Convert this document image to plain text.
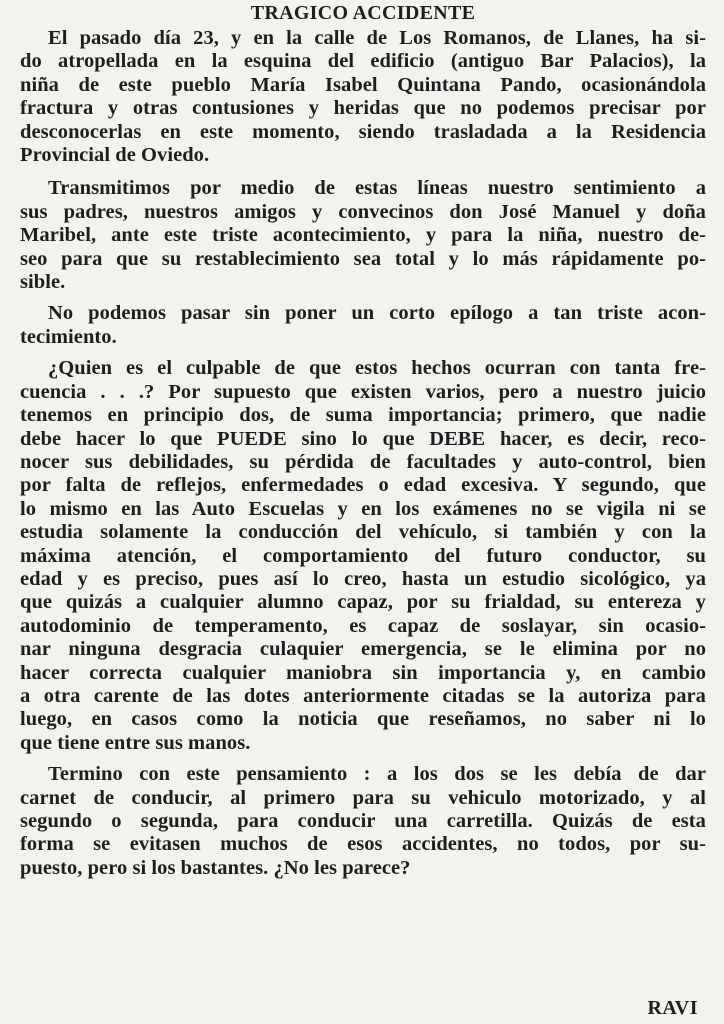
TRAGICO ACCIDENTE

El pasado día 23, y en la calle de Los Romanos, de Llanes, ha si-
do atropellada en la esquina del edificio (antiguo Bar Palacios), la
niña de este pueblo María Isabel Quintana Pando, ocasionándola
fractura y otras contusiones y heridas que no podemos precisar por
desconocerlas en este momento, siendo trasladada a la Residencia
Provincial de Oviedo.

Transmitimos por medio de estas líneas nuestro sentimiento a
sus padres, nuestros amigos y convecinos don José Manuel y doña
Maribel, ante este triste acontecimiento, y para la niña, nuestro de-
seo para que su restablecimiento sea total y lo más rápidamente po-
sible.

No podemos pasar sin poner un corto epílogo a tan triste acon-
tecimiento.

¿Quien es el culpable de que estos hechos ocurran con tanta fre-
cuencia . . .? Por supuesto que existen varios, pero a nuestro juicio
tenemos en principio dos, de suma importancia; primero, que nadie
debe hacer lo que PUEDE sino lo que DEBE hacer, es decir, reco-
nocer sus debilidades, su pérdida de facultades y auto-control, bien
por falta de reflejos, enfermedades o edad excesiva. Y segundo, que
lo mismo en las Auto Escuelas y en los exámenes no se vigila ni se
estudia solamente la conducción del vehículo, si también y con la
máxima atención, el comportamiento del futuro conductor, su
edad y es preciso, pues así lo creo, hasta un estudio sicológico, ya
que quizás a cualquier alumno capaz, por su frialdad, su entereza y
autodominio de temperamento, es capaz de soslayar, sin ocasio-
nar ninguna desgracia culaquier emergencia, se le elimina por no
hacer correcta cualquier maniobra sin importancia y, en cambio
a otra carente de las dotes anteriormente citadas se la autoriza para
luego, en casos como la noticia que reseñamos, no saber ni lo
que tiene entre sus manos.

Termino con este pensamiento : a los dos se les debía de dar
carnet de conducir, al primero para su vehiculo motorizado, y al
segundo o segunda, para conducir una carretilla. Quizás de esta
forma se evitasen muchos de esos accidentes, no todos, por su-
puesto, pero si los bastantes. ¿No les parece?

RAVI
